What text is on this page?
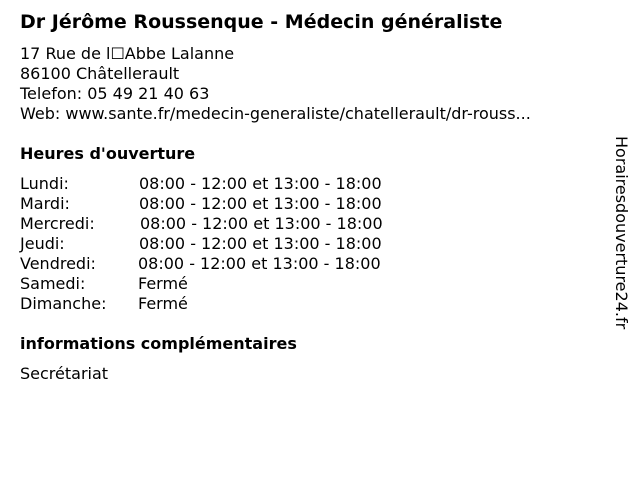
Dr Jérôme Roussenque - Médecin généraliste
17 Rue de l☐Abbe Lalanne
86100 Châtellerault
Telefon: 05 49 21 40 63
Web: www.sante.fr/medecin-generaliste/chatellerault/dr-rouss...
Heures d'ouverture
Lundi:	08:00 - 12:00 et 13:00 - 18:00
Mardi:	08:00 - 12:00 et 13:00 - 18:00
Mercredi:	08:00 - 12:00 et 13:00 - 18:00
Jeudi:	08:00 - 12:00 et 13:00 - 18:00
Vendredi:	08:00 - 12:00 et 13:00 - 18:00
Samedi:	Fermé
Dimanche: Fermé
informations complémentaires
Secrétariat
Horairesdouverture24.fr
